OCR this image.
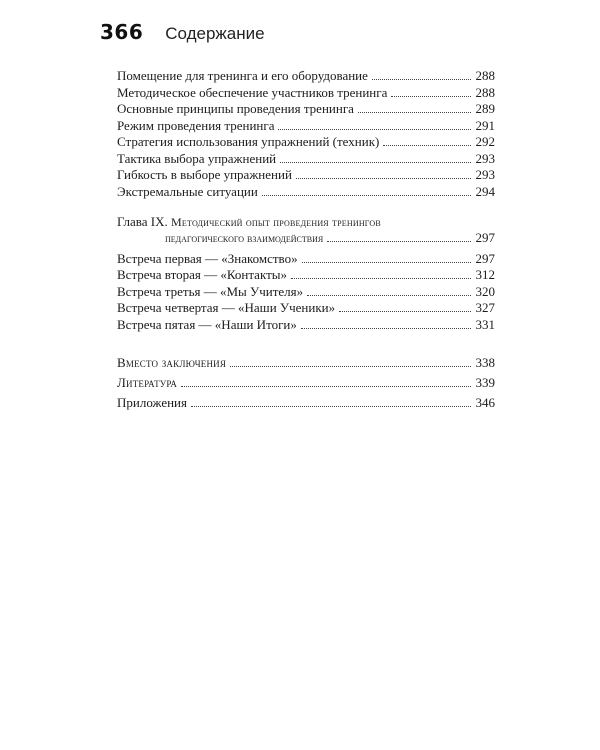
366 Содержание
Помещение для тренинга и его оборудование	288
Методическое обеспечение участников тренинга	288
Основные принципы проведения тренинга	289
Режим проведения тренинга	291
Стратегия использования упражнений (техник)	292
Тактика выбора упражнений	293
Гибкость в выборе упражнений	293
Экстремальные ситуации	294
Глава IX. Методический опыт проведения тренингов
педагогического взаимодействия	297
Встреча первая — «Знакомство»	297
Встреча вторая — «Контакты»	312
Встреча третья — «Мы Учителя»	320
Встреча четвертая — «Наши Ученики»	327
Встреча пятая — «Наши Итоги»	331
Вместо заключения	338
Литература	339
Приложения	346
